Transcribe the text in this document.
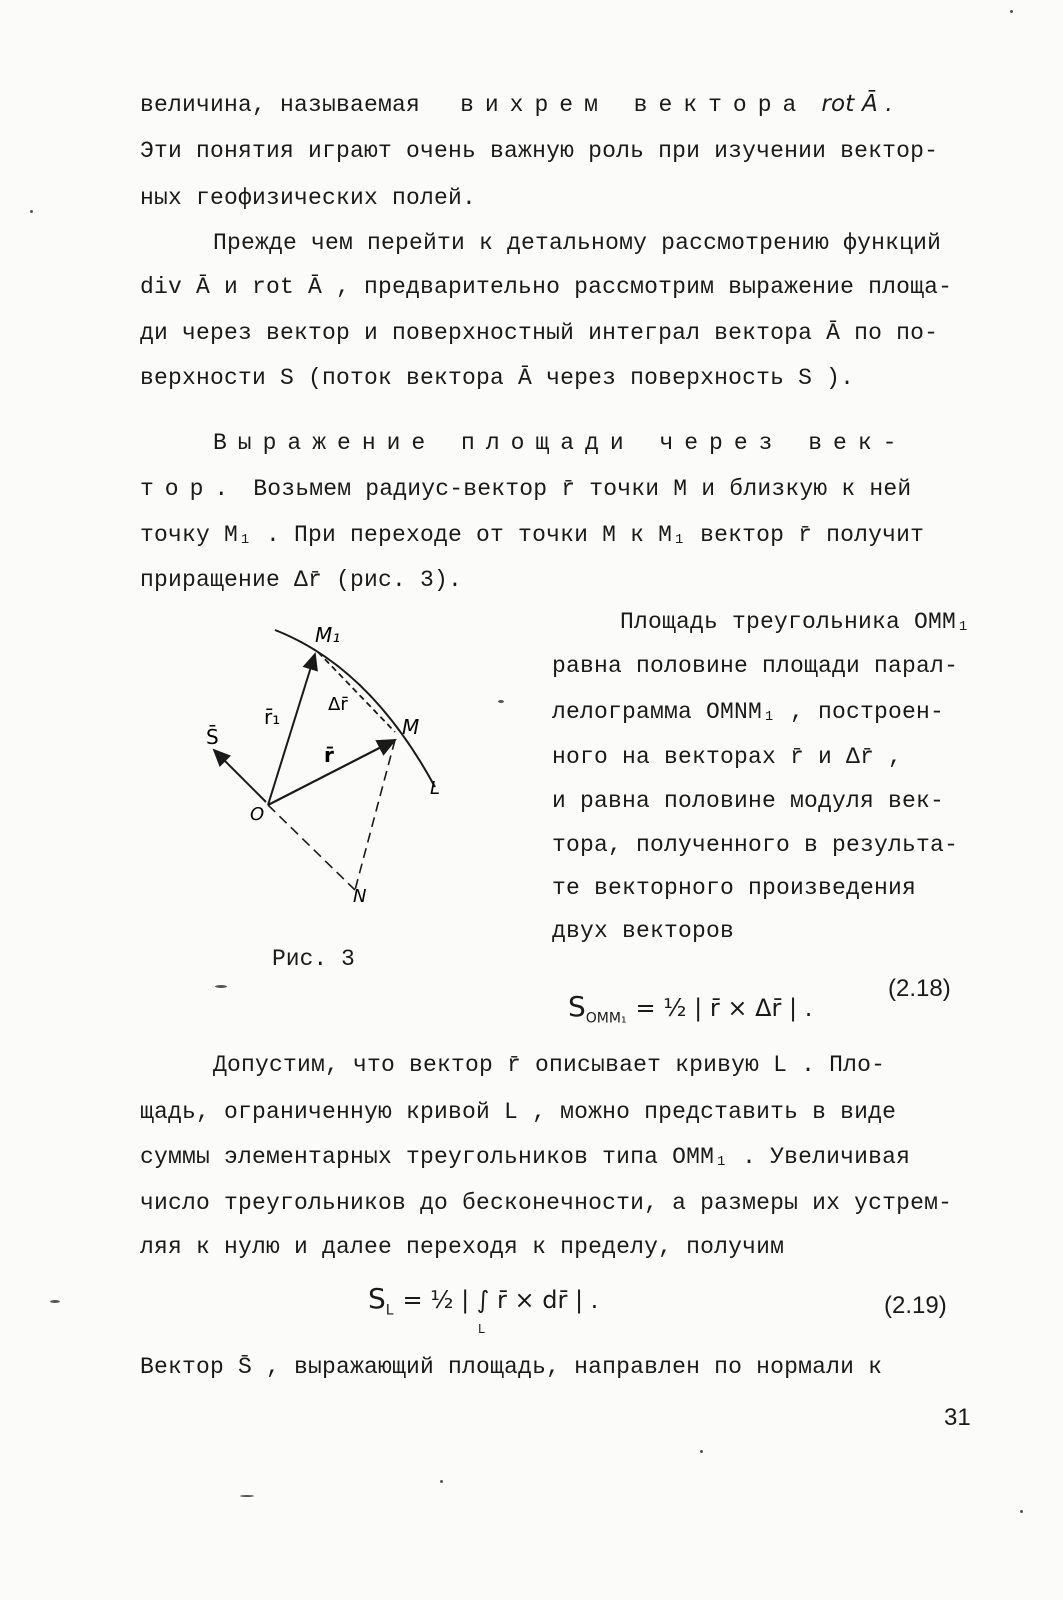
величина, называемая вихрем вектора rot Ā .
Эти понятия играют очень важную роль при изучении вектор-
ных геофизических полей.
Прежде чем перейти к детальному рассмотрению функций
div Ā и rot Ā , предварительно рассмотрим выражение площа-
ди через вектор и поверхностный интеграл вектора Ā по по-
верхности S (поток вектора Ā через поверхность S ).
Выражение площади через век-
тор. Возьмем радиус-вектор r̄ точки M и близкую к ней
точку M₁ . При переходе от точки M к M₁ вектор r̄ получит
приращение Δr̄ (рис. 3).
M₁
M
O
N
L
S̄
r̄₁
r̄
Δr̄
Рис. 3
Площадь треугольника OMM₁
равна половине площади парал-
лелограмма OMNM₁ , построен-
ного на векторах r̄ и Δr̄ ,
и равна половине модуля век-
тора, полученного в результа-
те векторного произведения
двух векторов
$S_{OMM_1}$ = ½ | r̄ × Δr̄ | .
(2.18)
Допустим, что вектор r̄ описывает кривую L . Пло-
щадь, ограниченную кривой L , можно представить в виде
суммы элементарных треугольников типа OMM₁ . Увеличивая
число треугольников до бесконечности, а размеры их устрем-
ляя к нулю и далее переходя к пределу, получим
$S_L$ = ½ | ∫ r̄ × dr̄ | .
L
(2.19)
Вектор S̄ , выражающий площадь, направлен по нормали к
31
